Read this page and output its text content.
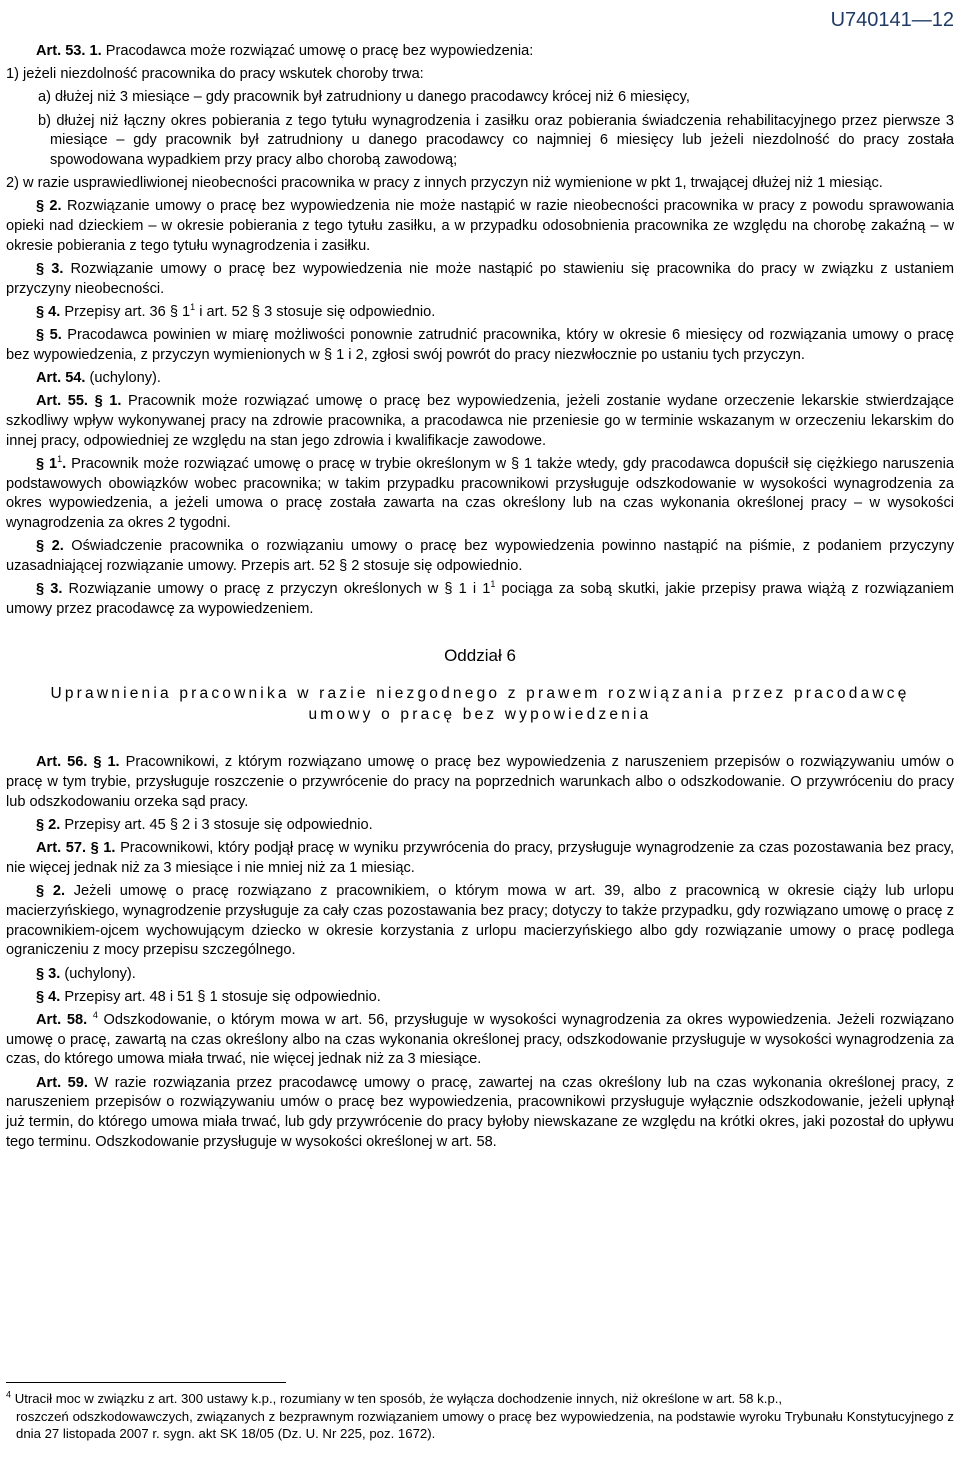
U740141—12

Art. 53. 1. Pracodawca może rozwiązać umowę o pracę bez wypowiedzenia:

1) jeżeli niezdolność pracownika do pracy wskutek choroby trwa:

a) dłużej niż 3 miesiące – gdy pracownik był zatrudniony u danego pracodawcy krócej niż 6 miesięcy,

b) dłużej niż łączny okres pobierania z tego tytułu wynagrodzenia i zasiłku oraz pobierania świadczenia rehabilitacyjnego przez pierwsze 3 miesiące – gdy pracownik był zatrudniony u danego pracodawcy co najmniej 6 miesięcy lub jeżeli niezdolność do pracy została spowodowana wypadkiem przy pracy albo chorobą zawodową;

2) w razie usprawiedliwionej nieobecności pracownika w pracy z innych przyczyn niż wymienione w pkt 1, trwającej dłużej niż 1 miesiąc.

§ 2. Rozwiązanie umowy o pracę bez wypowiedzenia nie może nastąpić w razie nieobecności pracownika w pracy z powodu sprawowania opieki nad dzieckiem – w okresie pobierania z tego tytułu zasiłku, a w przypadku odosobnienia pracownika ze względu na chorobę zakaźną – w okresie pobierania z tego tytułu wynagrodzenia i zasiłku.

§ 3. Rozwiązanie umowy o pracę bez wypowiedzenia nie może nastąpić po stawieniu się pracownika do pracy w związku z ustaniem przyczyny nieobecności.

§ 4. Przepisy art. 36 § $1^1$ i art. 52 § 3 stosuje się odpowiednio.

§ 5. Pracodawca powinien w miarę możliwości ponownie zatrudnić pracownika, który w okresie 6 miesięcy od rozwiązania umowy o pracę bez wypowiedzenia, z przyczyn wymienionych w § 1 i 2, zgłosi swój powrót do pracy niezwłocznie po ustaniu tych przyczyn.

Art. 54. (uchylony).

Art. 55. § 1. Pracownik może rozwiązać umowę o pracę bez wypowiedzenia, jeżeli zostanie wydane orzeczenie lekarskie stwierdzające szkodliwy wpływ wykonywanej pracy na zdrowie pracownika, a pracodawca nie przeniesie go w terminie wskazanym w orzeczeniu lekarskim do innej pracy, odpowiedniej ze względu na stan jego zdrowia i kwalifikacje zawodowe.

§ $1^1$. Pracownik może rozwiązać umowę o pracę w trybie określonym w § 1 także wtedy, gdy pracodawca dopuścił się ciężkiego naruszenia podstawowych obowiązków wobec pracownika; w takim przypadku pracownikowi przysługuje odszkodowanie w wysokości wynagrodzenia za okres wypowiedzenia, a jeżeli umowa o pracę została zawarta na czas określony lub na czas wykonania określonej pracy – w wysokości wynagrodzenia za okres 2 tygodni.

§ 2. Oświadczenie pracownika o rozwiązaniu umowy o pracę bez wypowiedzenia powinno nastąpić na piśmie, z podaniem przyczyny uzasadniającej rozwiązanie umowy. Przepis art. 52 § 2 stosuje się odpowiednio.

§ 3. Rozwiązanie umowy o pracę z przyczyn określonych w § 1 i $1^1$ pociąga za sobą skutki, jakie przepisy prawa wiążą z rozwiązaniem umowy przez pracodawcę za wypowiedzeniem.

Oddział 6
Uprawnienia pracownika w razie niezgodnego z prawem rozwiązania przez pracodawcę
umowy o pracę bez wypowiedzenia

Art. 56. § 1. Pracownikowi, z którym rozwiązano umowę o pracę bez wypowiedzenia z naruszeniem przepisów o rozwiązywaniu umów o pracę w tym trybie, przysługuje roszczenie o przywrócenie do pracy na poprzednich warunkach albo o odszkodowanie. O przywróceniu do pracy lub odszkodowaniu orzeka sąd pracy.

§ 2. Przepisy art. 45 § 2 i 3 stosuje się odpowiednio.

Art. 57. § 1. Pracownikowi, który podjął pracę w wyniku przywrócenia do pracy, przysługuje wynagrodzenie za czas pozostawania bez pracy, nie więcej jednak niż za 3 miesiące i nie mniej niż za 1 miesiąc.

§ 2. Jeżeli umowę o pracę rozwiązano z pracownikiem, o którym mowa w art. 39, albo z pracownicą w okresie ciąży lub urlopu macierzyńskiego, wynagrodzenie przysługuje za cały czas pozostawania bez pracy; dotyczy to także przypadku, gdy rozwiązano umowę o pracę z pracownikiem-ojcem wychowującym dziecko w okresie korzystania z urlopu macierzyńskiego albo gdy rozwiązanie umowy o pracę podlega ograniczeniu z mocy przepisu szczególnego.

§ 3. (uchylony).

§ 4. Przepisy art. 48 i 51 § 1 stosuje się odpowiednio.

Art. 58. $^4$ Odszkodowanie, o którym mowa w art. 56, przysługuje w wysokości wynagrodzenia za okres wypowiedzenia. Jeżeli rozwiązano umowę o pracę, zawartą na czas określony albo na czas wykonania określonej pracy, odszkodowanie przysługuje w wysokości wynagrodzenia za czas, do którego umowa miała trwać, nie więcej jednak niż za 3 miesiące.

Art. 59. W razie rozwiązania przez pracodawcę umowy o pracę, zawartej na czas określony lub na czas wykonania określonej pracy, z naruszeniem przepisów o rozwiązywaniu umów o pracę bez wypowiedzenia, pracownikowi przysługuje wyłącznie odszkodowanie, jeżeli upłynął już termin, do którego umowa miała trwać, lub gdy przywrócenie do pracy byłoby niewskazane ze względu na krótki okres, jaki pozostał do upływu tego terminu. Odszkodowanie przysługuje w wysokości określonej w art. 58.

$^4$ Utracił moc w związku z art. 300 ustawy k.p., rozumiany w ten sposób, że wyłącza dochodzenie innych, niż określone w art. 58 k.p.,
roszczeń odszkodowawczych, związanych z bezprawnym rozwiązaniem umowy o pracę bez wypowiedzenia, na podstawie wyroku Trybunału Konstytucyjnego z dnia 27 listopada 2007 r. sygn. akt SK 18/05 (Dz. U. Nr 225, poz. 1672).
